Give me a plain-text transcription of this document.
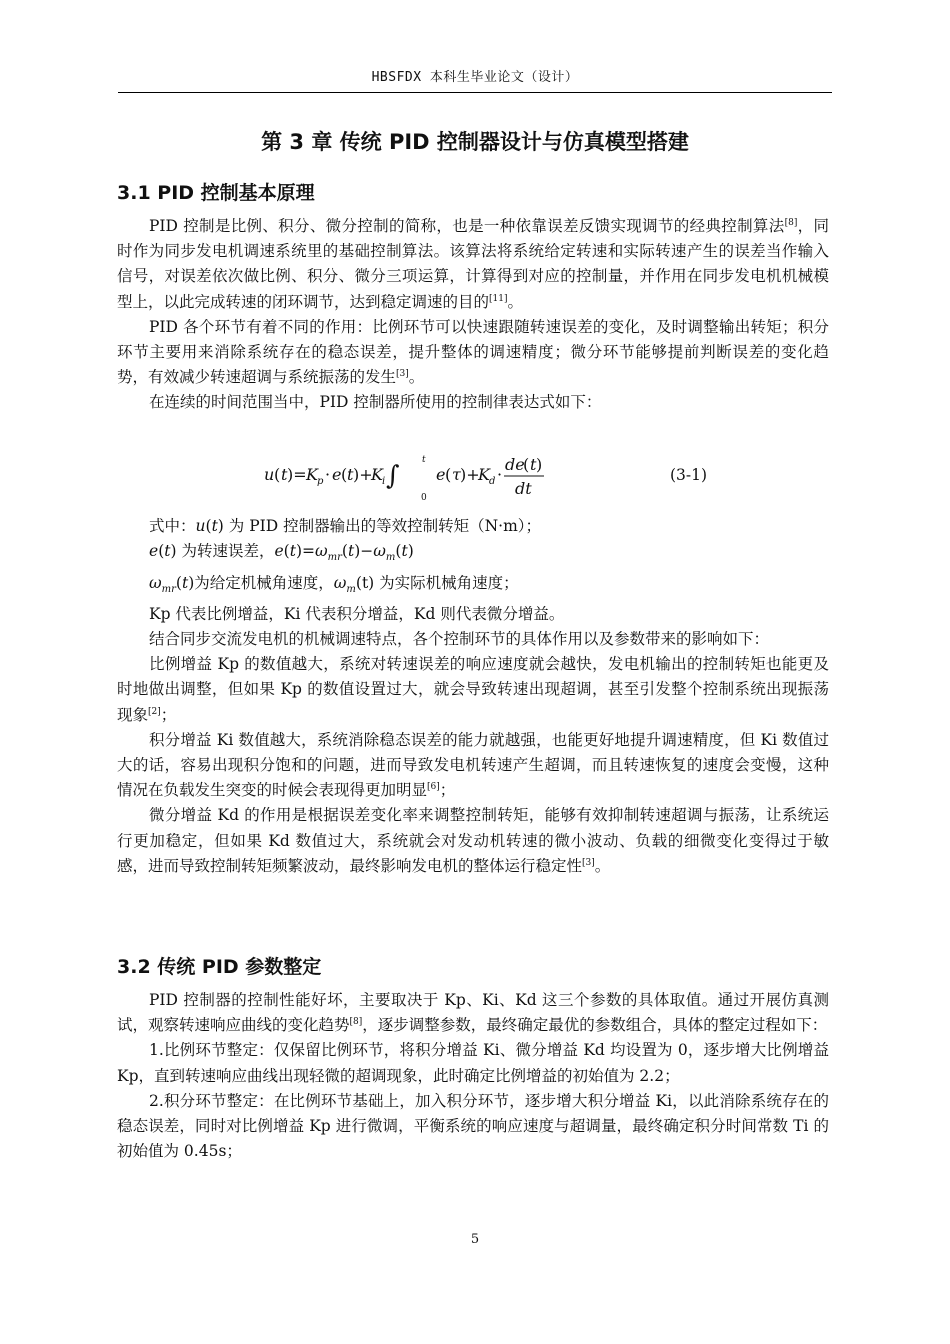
HBSFDX 本科生毕业论文（设计）
第 3 章 传统 PID 控制器设计与仿真模型搭建
3.1 PID 控制基本原理

PID 控制是比例、积分、微分控制的简称，也是一种依靠误差反馈实现调节的经典控制算法[8]，同时作为同步发电机调速系统里的基础控制算法。该算法将系统给定转速和实际转速产生的误差当作输入信号，对误差依次做比例、积分、微分三项运算，计算得到对应的控制量，并作用在同步发电机机械模型上，以此完成转速的闭环调节，达到稳定调速的目的[11]。

PID 各个环节有着不同的作用：比例环节可以快速跟随转速误差的变化，及时调整输出转矩；积分环节主要用来消除系统存在的稳态误差，提升整体的调速精度；微分环节能够提前判断误差的变化趋势，有效减少转速超调与系统振荡的发生[3]。

在连续的时间范围当中，PID 控制器所使用的控制律表达式如下：

u ( t )= K p · e ( t )+
K i ∫
t
0
e ( τ )+
K d ·
de
( t )
dt
(3-1)

式中：u(t) 为 PID 控制器输出的等效控制转矩（N·m）；

e(t) 为转速误差，$e(t)=\omega_{mr}(t)-\omega_m(t)$

$\omega_{mr}(t)$为给定机械角速度，$\omega_m(t)$ 为实际机械角速度；

Kp 代表比例增益，Ki 代表积分增益，Kd 则代表微分增益。

结合同步交流发电机的机械调速特点，各个控制环节的具体作用以及参数带来的影响如下：

比例增益 Kp 的数值越大，系统对转速误差的响应速度就会越快，发电机输出的控制转矩也能更及时地做出调整，但如果 Kp 的数值设置过大，就会导致转速出现超调，甚至引发整个控制系统出现振荡现象[2]；

积分增益 Ki 数值越大，系统消除稳态误差的能力就越强，也能更好地提升调速精度，但 Ki 数值过大的话，容易出现积分饱和的问题，进而导致发电机转速产生超调，而且转速恢复的速度会变慢，这种情况在负载发生突变的时候会表现得更加明显[6]；

微分增益 Kd 的作用是根据误差变化率来调整控制转矩，能够有效抑制转速超调与振荡，让系统运行更加稳定，但如果 Kd 数值过大，系统就会对发动机转速的微小波动、负载的细微变化变得过于敏感，进而导致控制转矩频繁波动，最终影响发电机的整体运行稳定性[3]。

3.2 传统 PID 参数整定

PID 控制器的控制性能好坏，主要取决于 Kp、Ki、Kd 这三个参数的具体取值。通过开展仿真测试，观察转速响应曲线的变化趋势[8]，逐步调整参数，最终确定最优的参数组合，具体的整定过程如下：

1.比例环节整定：仅保留比例环节，将积分增益 Ki、微分增益 Kd 均设置为 0，逐步增大比例增益 Kp，直到转速响应曲线出现轻微的超调现象，此时确定比例增益的初始值为 2.2；

2.积分环节整定：在比例环节基础上，加入积分环节，逐步增大积分增益 Ki，以此消除系统存在的稳态误差，同时对比例增益 Kp 进行微调，平衡系统的响应速度与超调量，最终确定积分时间常数 Ti 的初始值为 0.45s；

5
